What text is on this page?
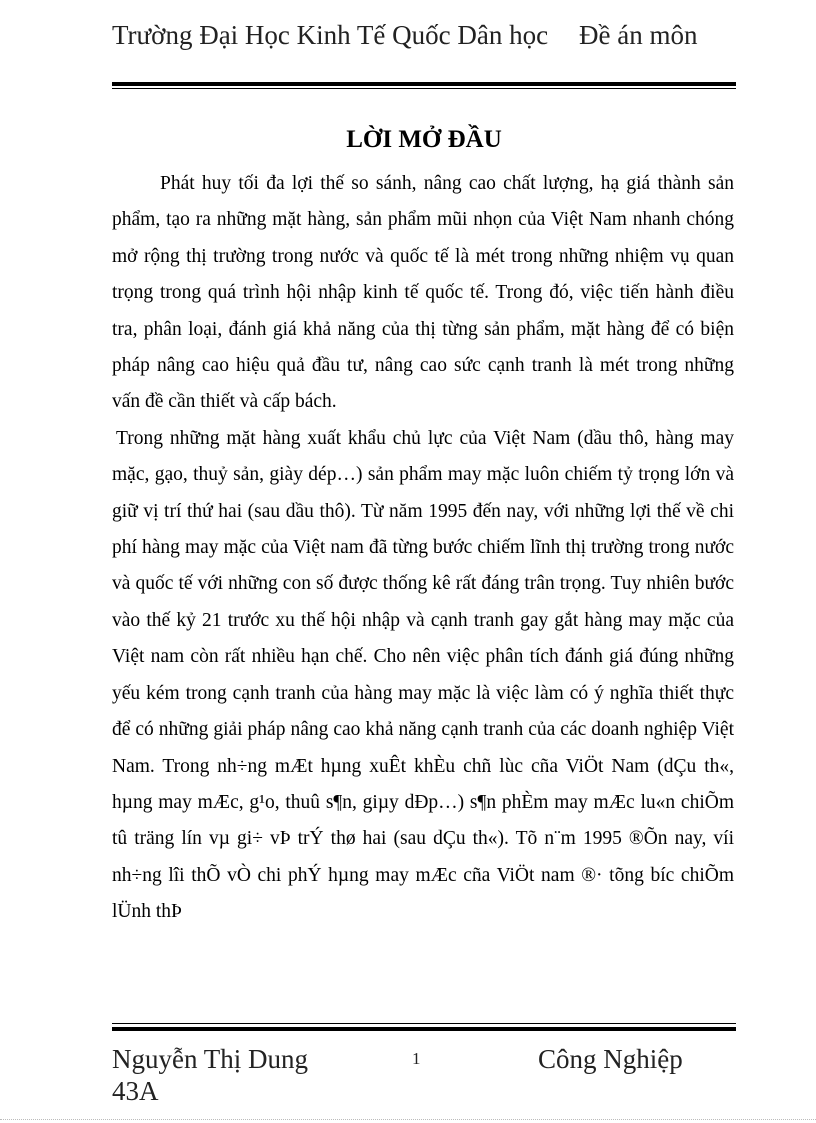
Trường Đại Học Kinh Tế Quốc Dân học Đề án môn
LỜI MỞ ĐẦU

Phát huy tối đa lợi thế so sánh, nâng cao chất lượng, hạ giá thành sản phẩm, tạo ra những mặt hàng, sản phẩm mũi nhọn của Việt Nam nhanh chóng mở rộng thị trường trong nước và quốc tế là mét trong những nhiệm vụ quan trọng trong quá trình hội nhập kinh tế quốc tế. Trong đó, việc tiến hành điều tra, phân loại, đánh giá khả năng của thị từng sản phẩm, mặt hàng để có biện pháp nâng cao hiệu quả đầu tư, nâng cao sức cạnh tranh là mét trong những vấn đề cần thiết và cấp bách.

Trong những mặt hàng xuất khẩu chủ lực của Việt Nam (dầu thô, hàng may mặc, gạo, thuỷ sản, giày dép…) sản phẩm may mặc luôn chiếm tỷ trọng lớn và giữ vị trí thứ hai (sau dầu thô). Từ năm 1995 đến nay, với những lợi thế về chi phí hàng may mặc của Việt nam đã từng bước chiếm lĩnh thị trường trong nước và quốc tế với những con số được thống kê rất đáng trân trọng. Tuy nhiên bước vào thế kỷ 21 trước xu thế hội nhập và cạnh tranh gay gắt hàng may mặc của Việt nam còn rất nhiều hạn chế. Cho nên việc phân tích đánh giá đúng những yếu kém trong cạnh tranh của hàng may mặc là việc làm có ý nghĩa thiết thực để có những giải pháp nâng cao khả năng cạnh tranh của các doanh nghiệp Việt Nam. Trong nh÷ng mÆt hµng xuÊt khÈu chñ lùc cña ViÖt Nam (dÇu th«, hµng may mÆc, g¹o, thuû s¶n, giµy dÐp…) s¶n phÈm may mÆc lu«n chiÕm tû träng lín vµ gi÷ vÞ trÝ thø hai (sau dÇu th«). Tõ n¨m 1995 ®Õn nay, víi nh÷ng lîi thÕ vÒ chi phÝ hµng may mÆc cña ViÖt nam ®· tõng bíc chiÕm lÜnh thÞ

Nguyễn Thị Dung 43A
1	Công Nghiệp
